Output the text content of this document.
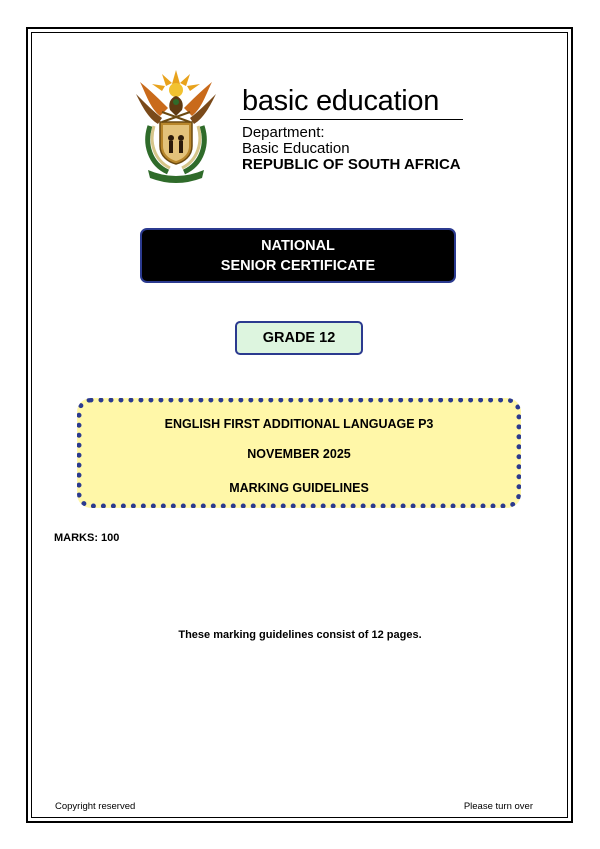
basic education
Department:
Basic Education
REPUBLIC OF SOUTH AFRICA
NATIONAL
SENIOR CERTIFICATE
GRADE 12
ENGLISH FIRST ADDITIONAL LANGUAGE P3
NOVEMBER 2025
MARKING GUIDELINES
MARKS: 100
These marking guidelines consist of 12 pages.
Copyright reserved	Please turn over
